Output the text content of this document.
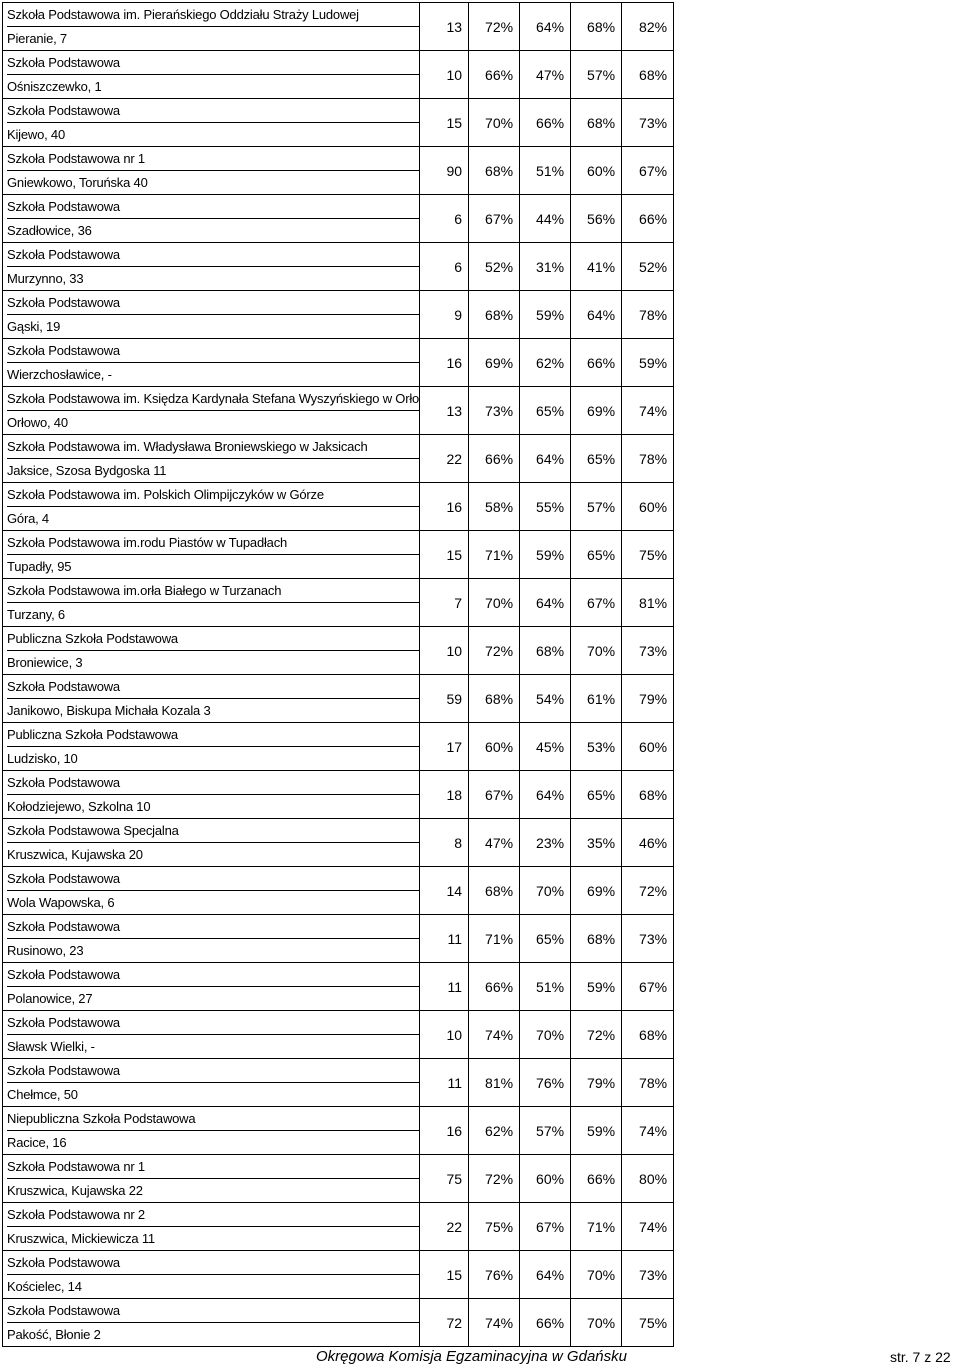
Szkoła Podstawowa im. Pierańskiego Oddziału Straży Ludowej
Pieranie, 7	13	72%	64%	68%	82%

Szkoła Podstawowa
Ośniszczewko, 1	10	66%	47%	57%	68%

Szkoła Podstawowa
Kijewo, 40	15	70%	66%	68%	73%

Szkoła Podstawowa nr 1
Gniewkowo, Toruńska 40	90	68%	51%	60%	67%

Szkoła Podstawowa
Szadłowice, 36	6	67%	44%	56%	66%

Szkoła Podstawowa
Murzynno, 33	6	52%	31%	41%	52%

Szkoła Podstawowa
Gąski, 19	9	68%	59%	64%	78%

Szkoła Podstawowa
Wierzchosławice, -	16	69%	62%	66%	59%

Szkoła Podstawowa im. Księdza Kardynała Stefana Wyszyńskiego w Orło
Orłowo, 40	13	73%	65%	69%	74%

Szkoła Podstawowa im. Władysława Broniewskiego w Jaksicach
Jaksice, Szosa Bydgoska 11	22	66%	64%	65%	78%

Szkoła Podstawowa im. Polskich Olimpijczyków w Górze
Góra, 4	16	58%	55%	57%	60%

Szkoła Podstawowa im.rodu Piastów w Tupadłach
Tupadły, 95	15	71%	59%	65%	75%

Szkoła Podstawowa im.orła Białego w Turzanach
Turzany, 6	7	70%	64%	67%	81%

Publiczna Szkoła Podstawowa
Broniewice, 3	10	72%	68%	70%	73%

Szkoła Podstawowa
Janikowo, Biskupa Michała Kozala 3	59	68%	54%	61%	79%

Publiczna Szkoła Podstawowa
Ludzisko, 10	17	60%	45%	53%	60%

Szkoła Podstawowa
Kołodziejewo, Szkolna 10	18	67%	64%	65%	68%

Szkoła Podstawowa Specjalna
Kruszwica, Kujawska 20	8	47%	23%	35%	46%

Szkoła Podstawowa
Wola Wapowska, 6	14	68%	70%	69%	72%

Szkoła Podstawowa
Rusinowo, 23	11	71%	65%	68%	73%

Szkoła Podstawowa
Polanowice, 27	11	66%	51%	59%	67%

Szkoła Podstawowa
Sławsk Wielki, -	10	74%	70%	72%	68%

Szkoła Podstawowa
Chełmce, 50	11	81%	76%	79%	78%

Niepubliczna Szkoła Podstawowa
Racice, 16	16	62%	57%	59%	74%

Szkoła Podstawowa nr 1
Kruszwica, Kujawska 22	75	72%	60%	66%	80%

Szkoła Podstawowa nr 2
Kruszwica, Mickiewicza 11	22	75%	67%	71%	74%

Szkoła Podstawowa
Kościelec, 14	15	76%	64%	70%	73%

Szkoła Podstawowa
Pakość, Błonie 2	72	74%	66%	70%	75%
Okręgowa Komisja Egzaminacyjna w Gdańsku	str. 7 z 22
